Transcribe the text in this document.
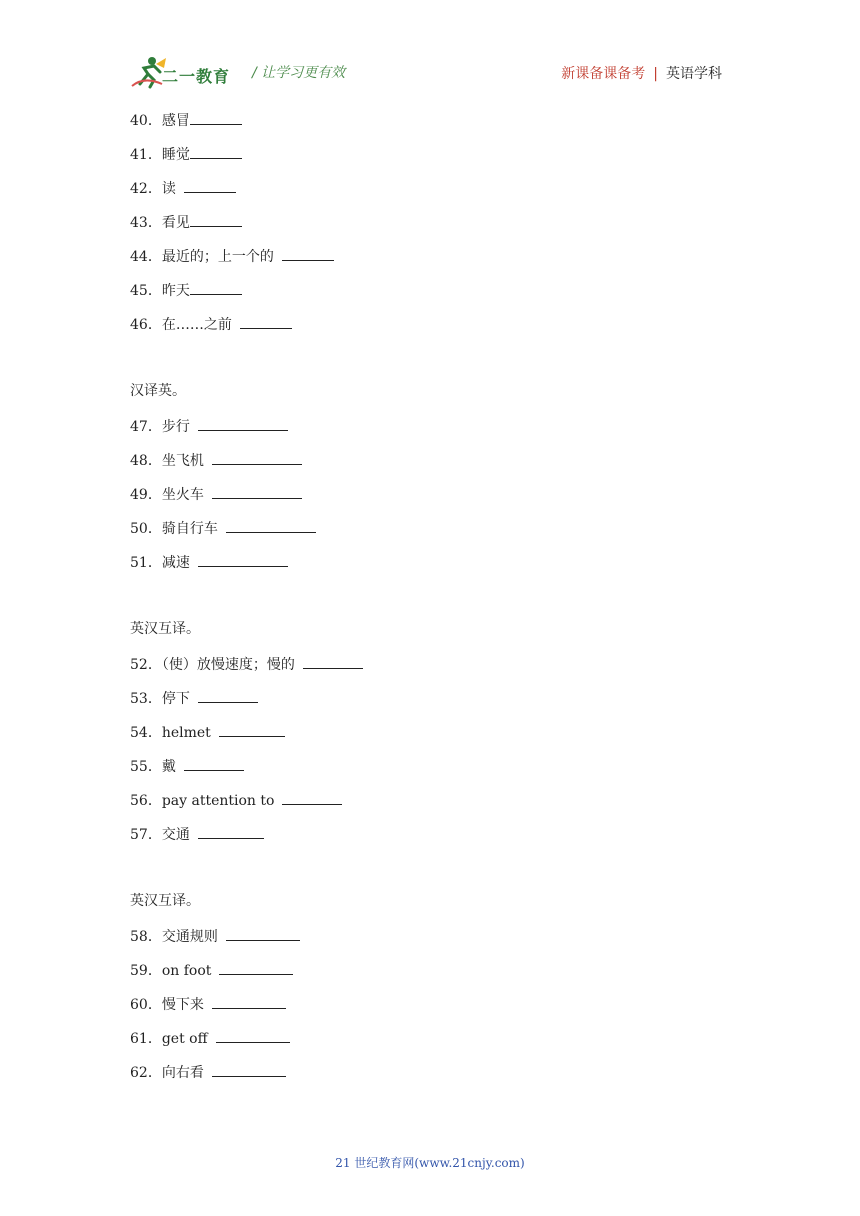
二一教育 / 让学习更有效	新课备课备考 | 英语学科
40．感冒
41．睡觉
42．读
43．看见
44．最近的；上一个的
45．昨天
46．在……之前
汉译英。
47．步行
48．坐飞机
49．坐火车
50．骑自行车
51．减速
英汉互译。
52．（使）放慢速度；慢的
53．停下
54．helmet
55．戴
56．pay attention to
57．交通
英汉互译。
58．交通规则
59．on foot
60．慢下来
61．get off
62．向右看
21 世纪教育网(www.21cnjy.com)
